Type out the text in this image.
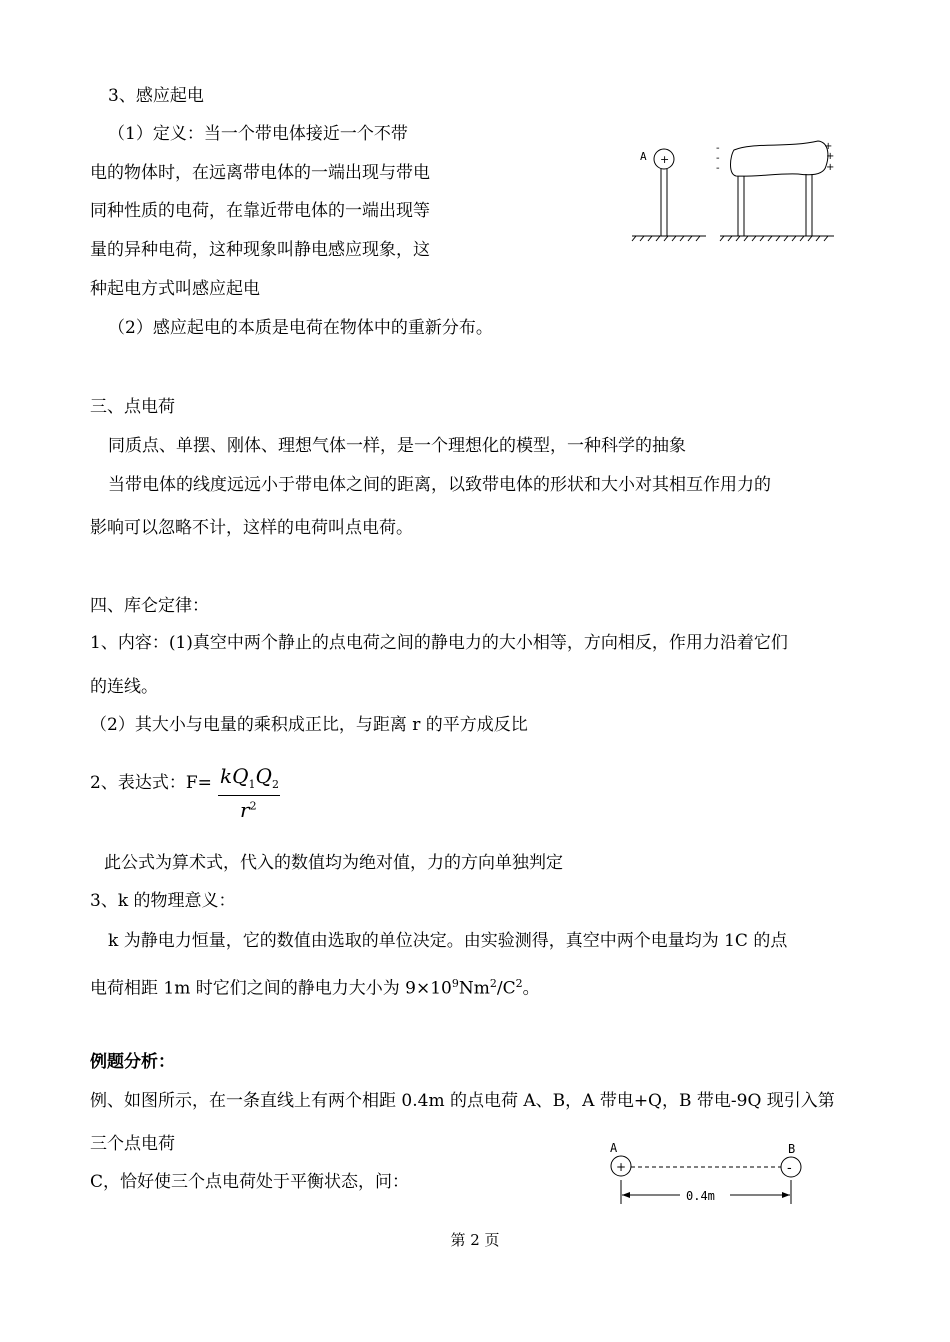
3、感应起电
（1）定义：当一个带电体接近一个不带
电的物体时，在远离带电体的一端出现与带电
同种性质的电荷，在靠近带电体的一端出现等
量的异种电荷，这种现象叫静电感应现象，这
种起电方式叫感应起电
（2）感应起电的本质是电荷在物体中的重新分布。
A +
-
-
-
+
+
+
三、点电荷
同质点、单摆、刚体、理想气体一样，是一个理想化的模型，一种科学的抽象
当带电体的线度远远小于带电体之间的距离，以致带电体的形状和大小对其相互作用力的
影响可以忽略不计，这样的电荷叫点电荷。
四、库仑定律：
1、内容：(1)真空中两个静止的点电荷之间的静电力的大小相等，方向相反，作用力沿着它们
的连线。
（2）其大小与电量的乘积成正比，与距离 r 的平方成反比
2、表达式：$F= kQ_1Q_2$
$r^2$
此公式为算术式，代入的数值均为绝对值，力的方向单独判定
3、k 的物理意义：
k 为静电力恒量，它的数值由选取的单位决定。由实验测得，真空中两个电量均为 1C 的点
电荷相距 1m 时它们之间的静电力大小为 $9\times 10^9Nm^2/C^2$。
例题分析：
例、如图所示，在一条直线上有两个相距 0.4m 的点电荷 A、B，A 带电+Q，B 带电-9Q 现引入第
三个点电荷
C，恰好使三个点电荷处于平衡状态，问：
A	B
+	-
0.4m
第 2 页
